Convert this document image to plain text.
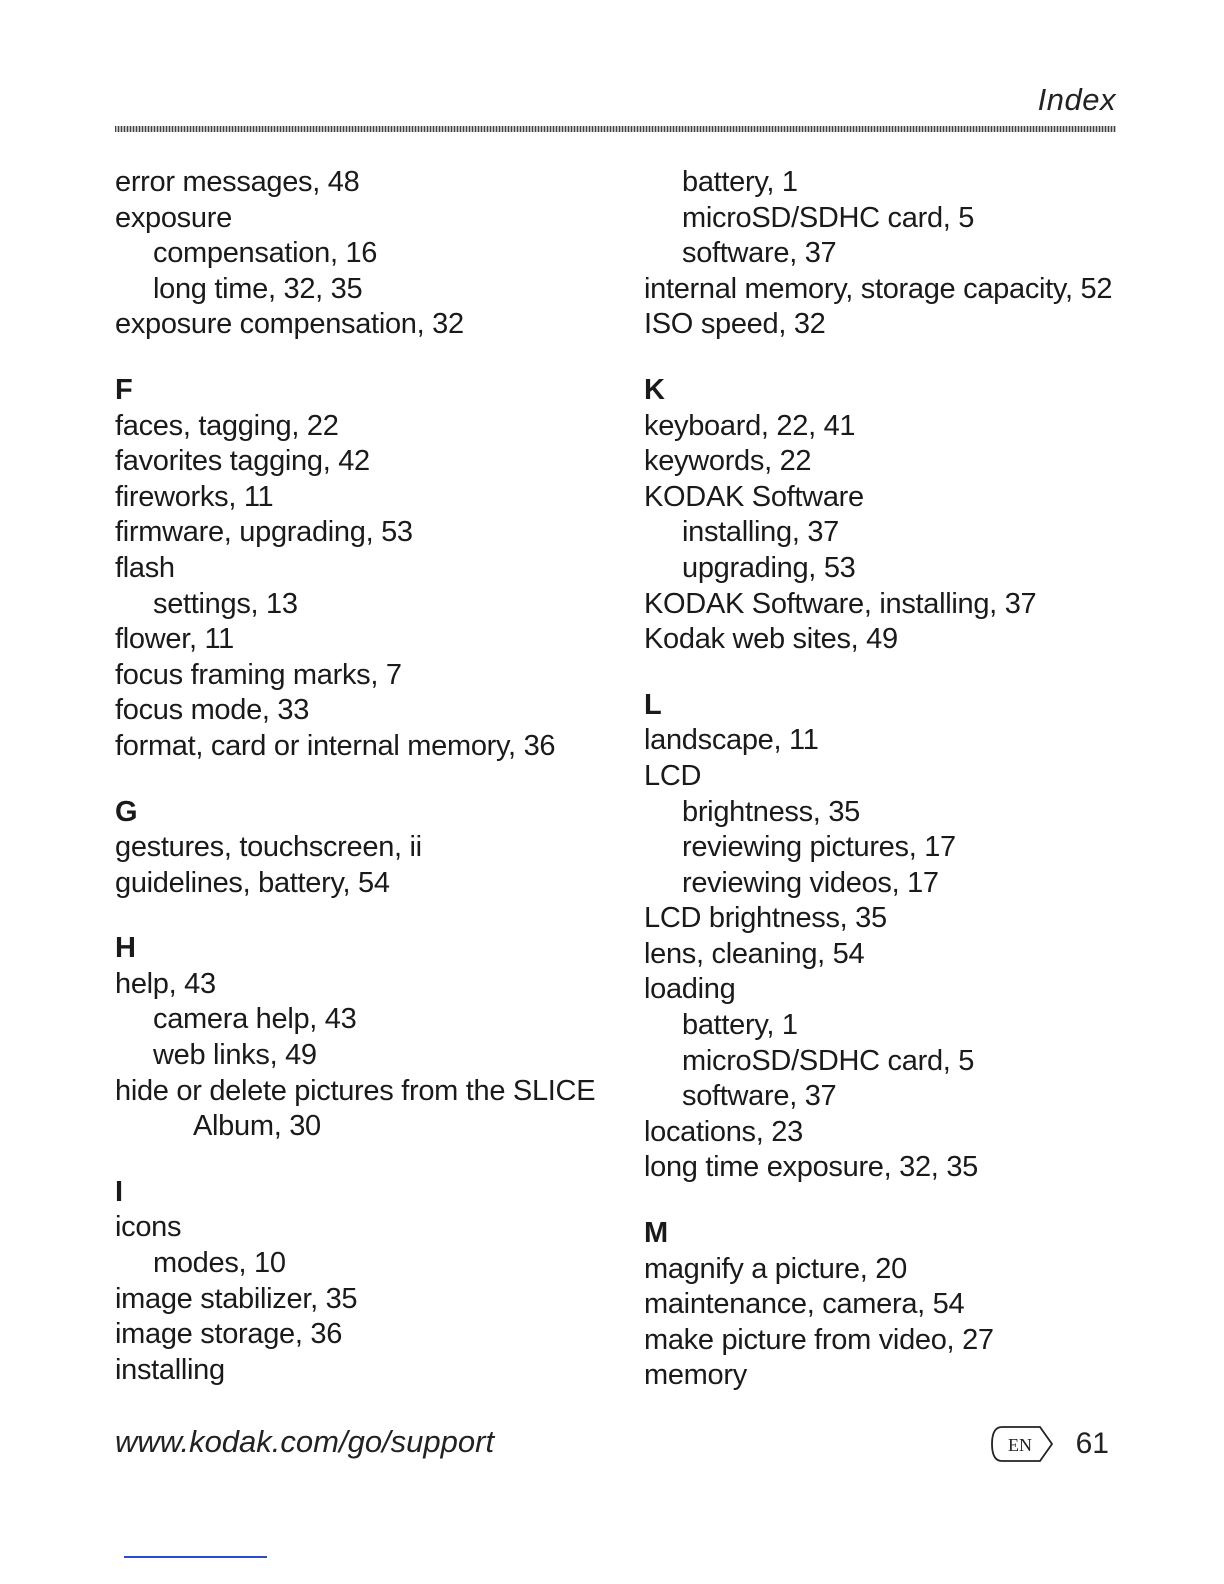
Index
error messages, 48
exposure
compensation, 16
long time, 32, 35
exposure compensation, 32
F
faces, tagging, 22
favorites tagging, 42
fireworks, 11
firmware, upgrading, 53
flash
settings, 13
flower, 11
focus framing marks, 7
focus mode, 33
format, card or internal memory, 36
G
gestures, touchscreen, ii
guidelines, battery, 54
H
help, 43
camera help, 43
web links, 49
hide or delete pictures from the SLICE
Album, 30
I
icons
modes, 10
image stabilizer, 35
image storage, 36
installing
battery, 1
microSD/SDHC card, 5
software, 37
internal memory, storage capacity, 52
ISO speed, 32
K
keyboard, 22, 41
keywords, 22
KODAK Software
installing, 37
upgrading, 53
KODAK Software, installing, 37
Kodak web sites, 49
L
landscape, 11
LCD
brightness, 35
reviewing pictures, 17
reviewing videos, 17
LCD brightness, 35
lens, cleaning, 54
loading
battery, 1
microSD/SDHC card, 5
software, 37
locations, 23
long time exposure, 32, 35
M
magnify a picture, 20
maintenance, camera, 54
make picture from video, 27
memory
www.kodak.com/go/support	EN 61
